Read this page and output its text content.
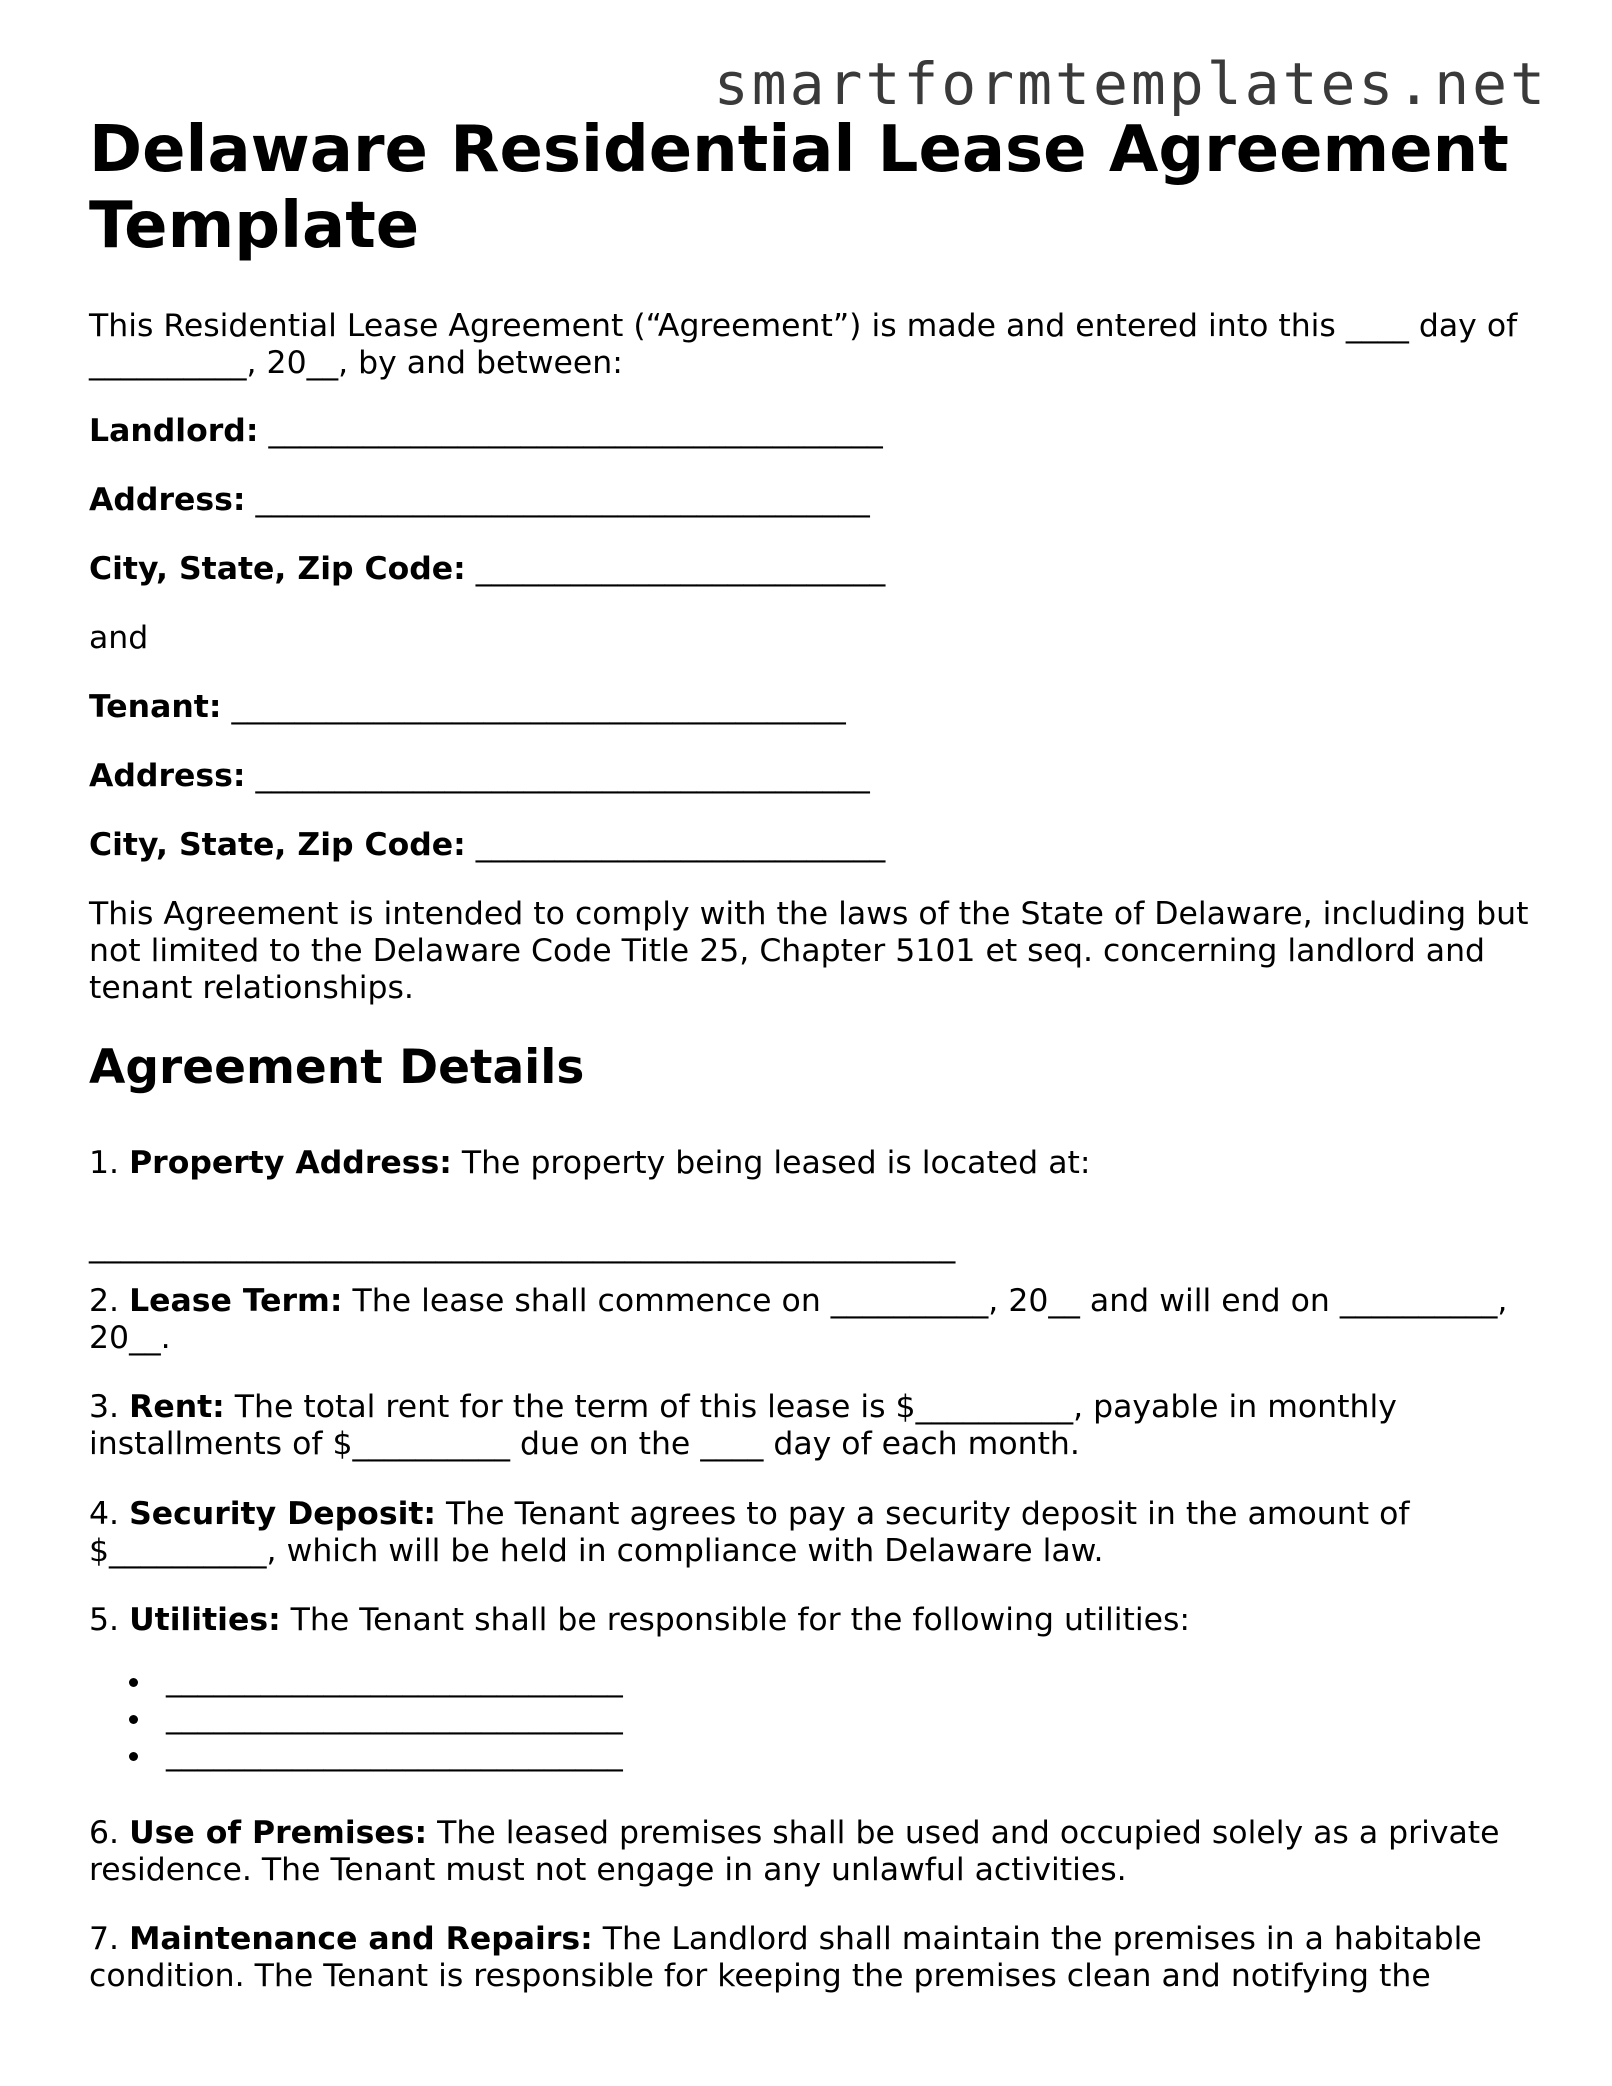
smartformtemplates.net
Delaware Residential Lease Agreement Template

This Residential Lease Agreement (“Agreement”) is made and entered into this ____ day of __________, 20__, by and between:

Landlord: _______________________________________

Address: _______________________________________

City, State, Zip Code: __________________________

and

Tenant: _______________________________________

Address: _______________________________________

City, State, Zip Code: __________________________

This Agreement is intended to comply with the laws of the State of Delaware, including but not limited to the Delaware Code Title 25, Chapter 5101 et seq. concerning landlord and tenant relationships.

Agreement Details

1. Property Address: The property being leased is located at:

_______________________________________________________

2. Lease Term: The lease shall commence on __________, 20__ and will end on __________, 20__.

3. Rent: The total rent for the term of this lease is $__________, payable in monthly installments of $__________ due on the ____ day of each month.

4. Security Deposit: The Tenant agrees to pay a security deposit in the amount of $__________, which will be held in compliance with Delaware law.

5. Utilities: The Tenant shall be responsible for the following utilities:

_____________________________
_____________________________
_____________________________

6. Use of Premises: The leased premises shall be used and occupied solely as a private residence. The Tenant must not engage in any unlawful activities.

7. Maintenance and Repairs: The Landlord shall maintain the premises in a habitable condition. The Tenant is responsible for keeping the premises clean and notifying the
